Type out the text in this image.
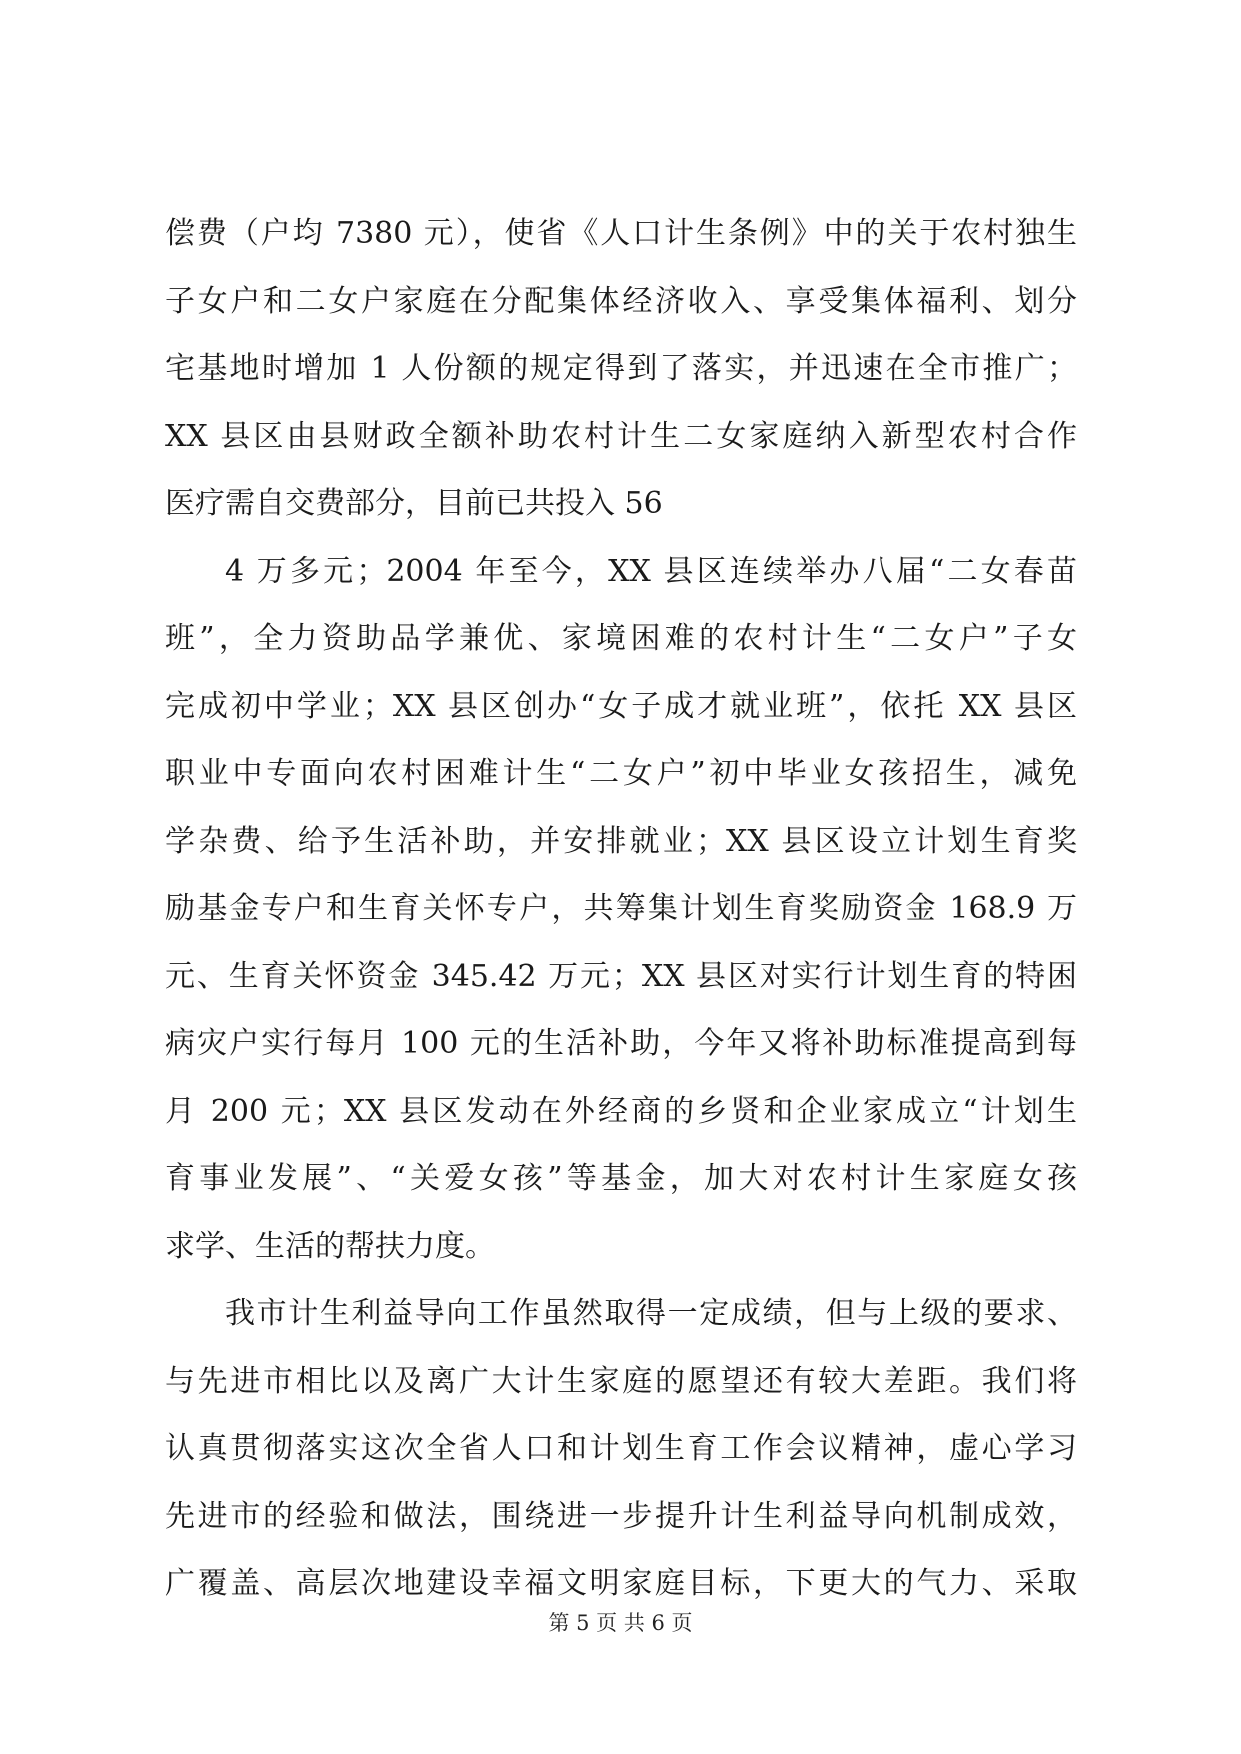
偿费（户均 7380 元），使省《人口计生条例》中的关于农村独生
子女户和二女户家庭在分配集体经济收入、享受集体福利、划分
宅基地时增加 1 人份额的规定得到了落实，并迅速在全市推广；
XX 县区由县财政全额补助农村计生二女家庭纳入新型农村合作
医疗需自交费部分，目前已共投入 56
4 万多元；2004 年至今，XX 县区连续举办八届“二女春苗
班”，全力资助品学兼优、家境困难的农村计生“二女户”子女
完成初中学业；XX 县区创办“女子成才就业班”，依托 XX 县区
职业中专面向农村困难计生“二女户”初中毕业女孩招生，减免
学杂费、给予生活补助，并安排就业；XX 县区设立计划生育奖
励基金专户和生育关怀专户，共筹集计划生育奖励资金 168.9 万
元、生育关怀资金 345.42 万元；XX 县区对实行计划生育的特困
病灾户实行每月 100 元的生活补助，今年又将补助标准提高到每
月 200 元；XX 县区发动在外经商的乡贤和企业家成立“计划生
育事业发展”、“关爱女孩”等基金，加大对农村计生家庭女孩
求学、生活的帮扶力度。
我市计生利益导向工作虽然取得一定成绩，但与上级的要求、
与先进市相比以及离广大计生家庭的愿望还有较大差距。我们将
认真贯彻落实这次全省人口和计划生育工作会议精神，虚心学习
先进市的经验和做法，围绕进一步提升计生利益导向机制成效，
广覆盖、高层次地建设幸福文明家庭目标，下更大的气力、采取
第 5 页 共 6 页
